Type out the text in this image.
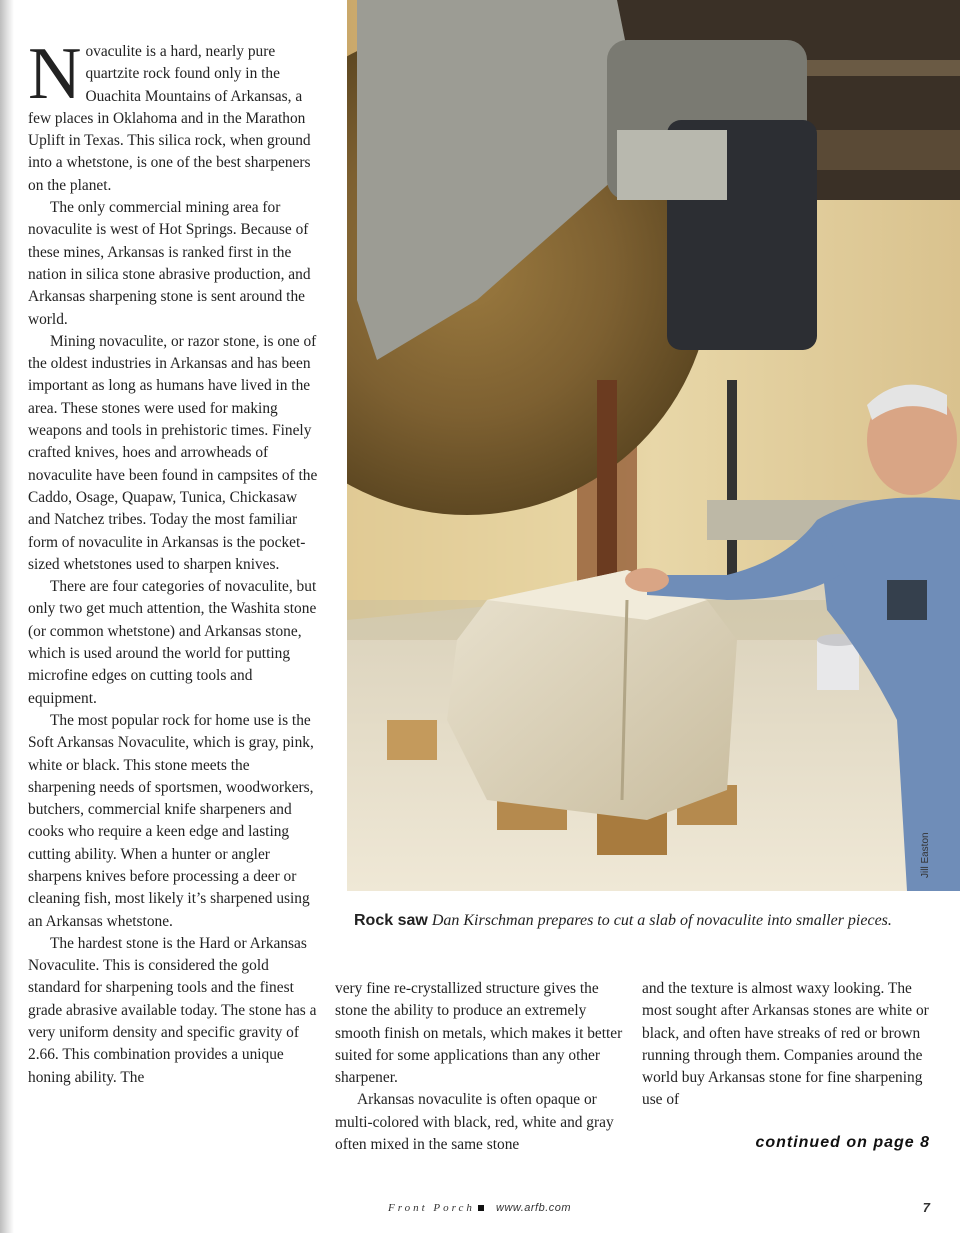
Novaculite is a hard, nearly pure quartzite rock found only in the Ouachita Mountains of Arkansas, a few places in Oklahoma and in the Marathon Uplift in Texas. This silica rock, when ground into a whetstone, is one of the best sharpeners on the planet.

The only commercial mining area for novaculite is west of Hot Springs. Because of these mines, Arkansas is ranked first in the nation in silica stone abrasive production, and Arkansas sharpening stone is sent around the world.

Mining novaculite, or razor stone, is one of the oldest industries in Arkansas and has been important as long as humans have lived in the area. These stones were used for making weapons and tools in prehistoric times. Finely crafted knives, hoes and arrowheads of novaculite have been found in campsites of the Caddo, Osage, Quapaw, Tunica, Chickasaw and Natchez tribes. Today the most familiar form of novaculite in Arkansas is the pocket-sized whetstones used to sharpen knives.

There are four categories of novaculite, but only two get much attention, the Washita stone (or common whetstone) and Arkansas stone, which is used around the world for putting microfine edges on cutting tools and equipment.

The most popular rock for home use is the Soft Arkansas Novaculite, which is gray, pink, white or black. This stone meets the sharpening needs of sportsmen, woodworkers, butchers, commercial knife sharpeners and cooks who require a keen edge and lasting cutting ability. When a hunter or angler sharpens knives before processing a deer or cleaning fish, most likely it’s sharpened using an Arkansas whetstone.

The hardest stone is the Hard or Arkansas Novaculite. This is considered the gold standard for sharpening tools and the finest grade abrasive available today. The stone has a very uniform density and specific gravity of 2.66. This combination provides a unique honing ability. The

Jill Easton
Rock saw Dan Kirschman prepares to cut a slab of novaculite into smaller pieces.

very fine re-crystallized structure gives the stone the ability to produce an extremely smooth finish on metals, which makes it better suited for some applications than any other sharpener.

Arkansas novaculite is often opaque or multi-colored with black, red, white and gray often mixed in the same stone

and the texture is almost waxy looking. The most sought after Arkansas stones are white or black, and often have streaks of red or brown running through them. Companies around the world buy Arkansas stone for fine sharpening use of

continued on page 8
Front Porch www.arfb.com	7
